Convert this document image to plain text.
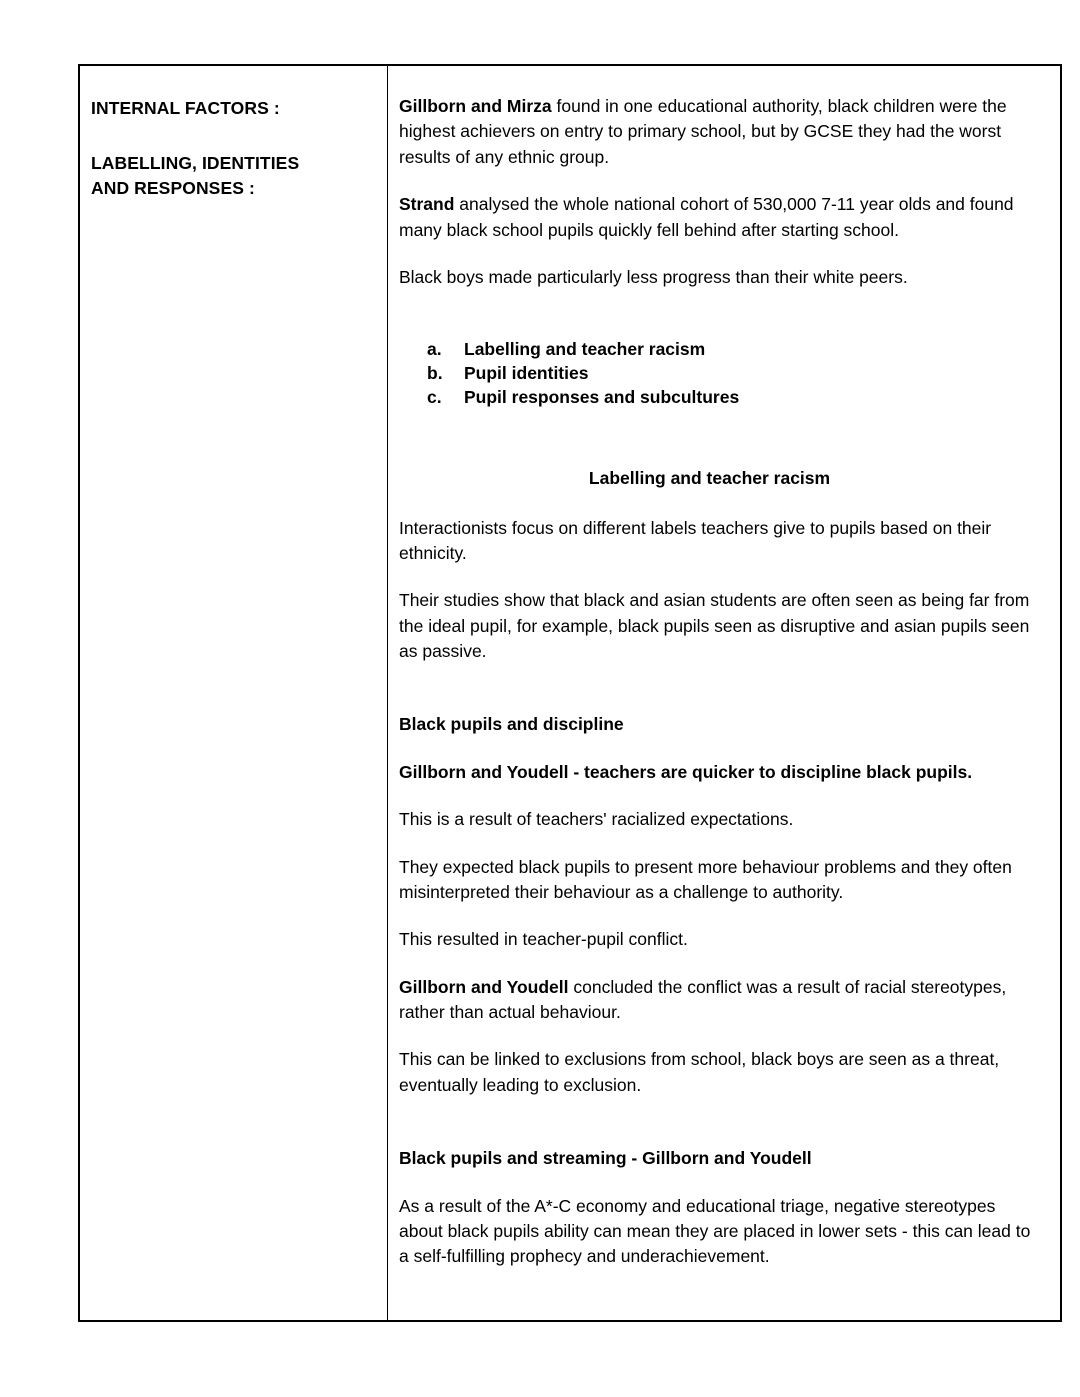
INTERNAL FACTORS :

LABELLING, IDENTITIES

AND RESPONSES :

Gillborn and Mirza found in one educational authority, black children were the highest achievers on entry to primary school, but by GCSE they had the worst results of any ethnic group.

Strand analysed the whole national cohort of 530,000 7-11 year olds and found many black school pupils quickly fell behind after starting school.

Black boys made particularly less progress than their white peers.

a.	Labelling and teacher racism
b.	Pupil identities
c.	Pupil responses and subcultures

Labelling and teacher racism

Interactionists focus on different labels teachers give to pupils based on their ethnicity.

Their studies show that black and asian students are often seen as being far from the ideal pupil, for example, black pupils seen as disruptive and asian pupils seen as passive.

Black pupils and discipline

Gillborn and Youdell - teachers are quicker to discipline black pupils.

This is a result of teachers' racialized expectations.

They expected black pupils to present more behaviour problems and they often misinterpreted their behaviour as a challenge to authority.

This resulted in teacher-pupil conflict.

Gillborn and Youdell concluded the conflict was a result of racial stereotypes, rather than actual behaviour.

This can be linked to exclusions from school, black boys are seen as a threat, eventually leading to exclusion.

Black pupils and streaming - Gillborn and Youdell

As a result of the A*-C economy and educational triage, negative stereotypes about black pupils ability can mean they are placed in lower sets - this can lead to a self-fulfilling prophecy and underachievement.
